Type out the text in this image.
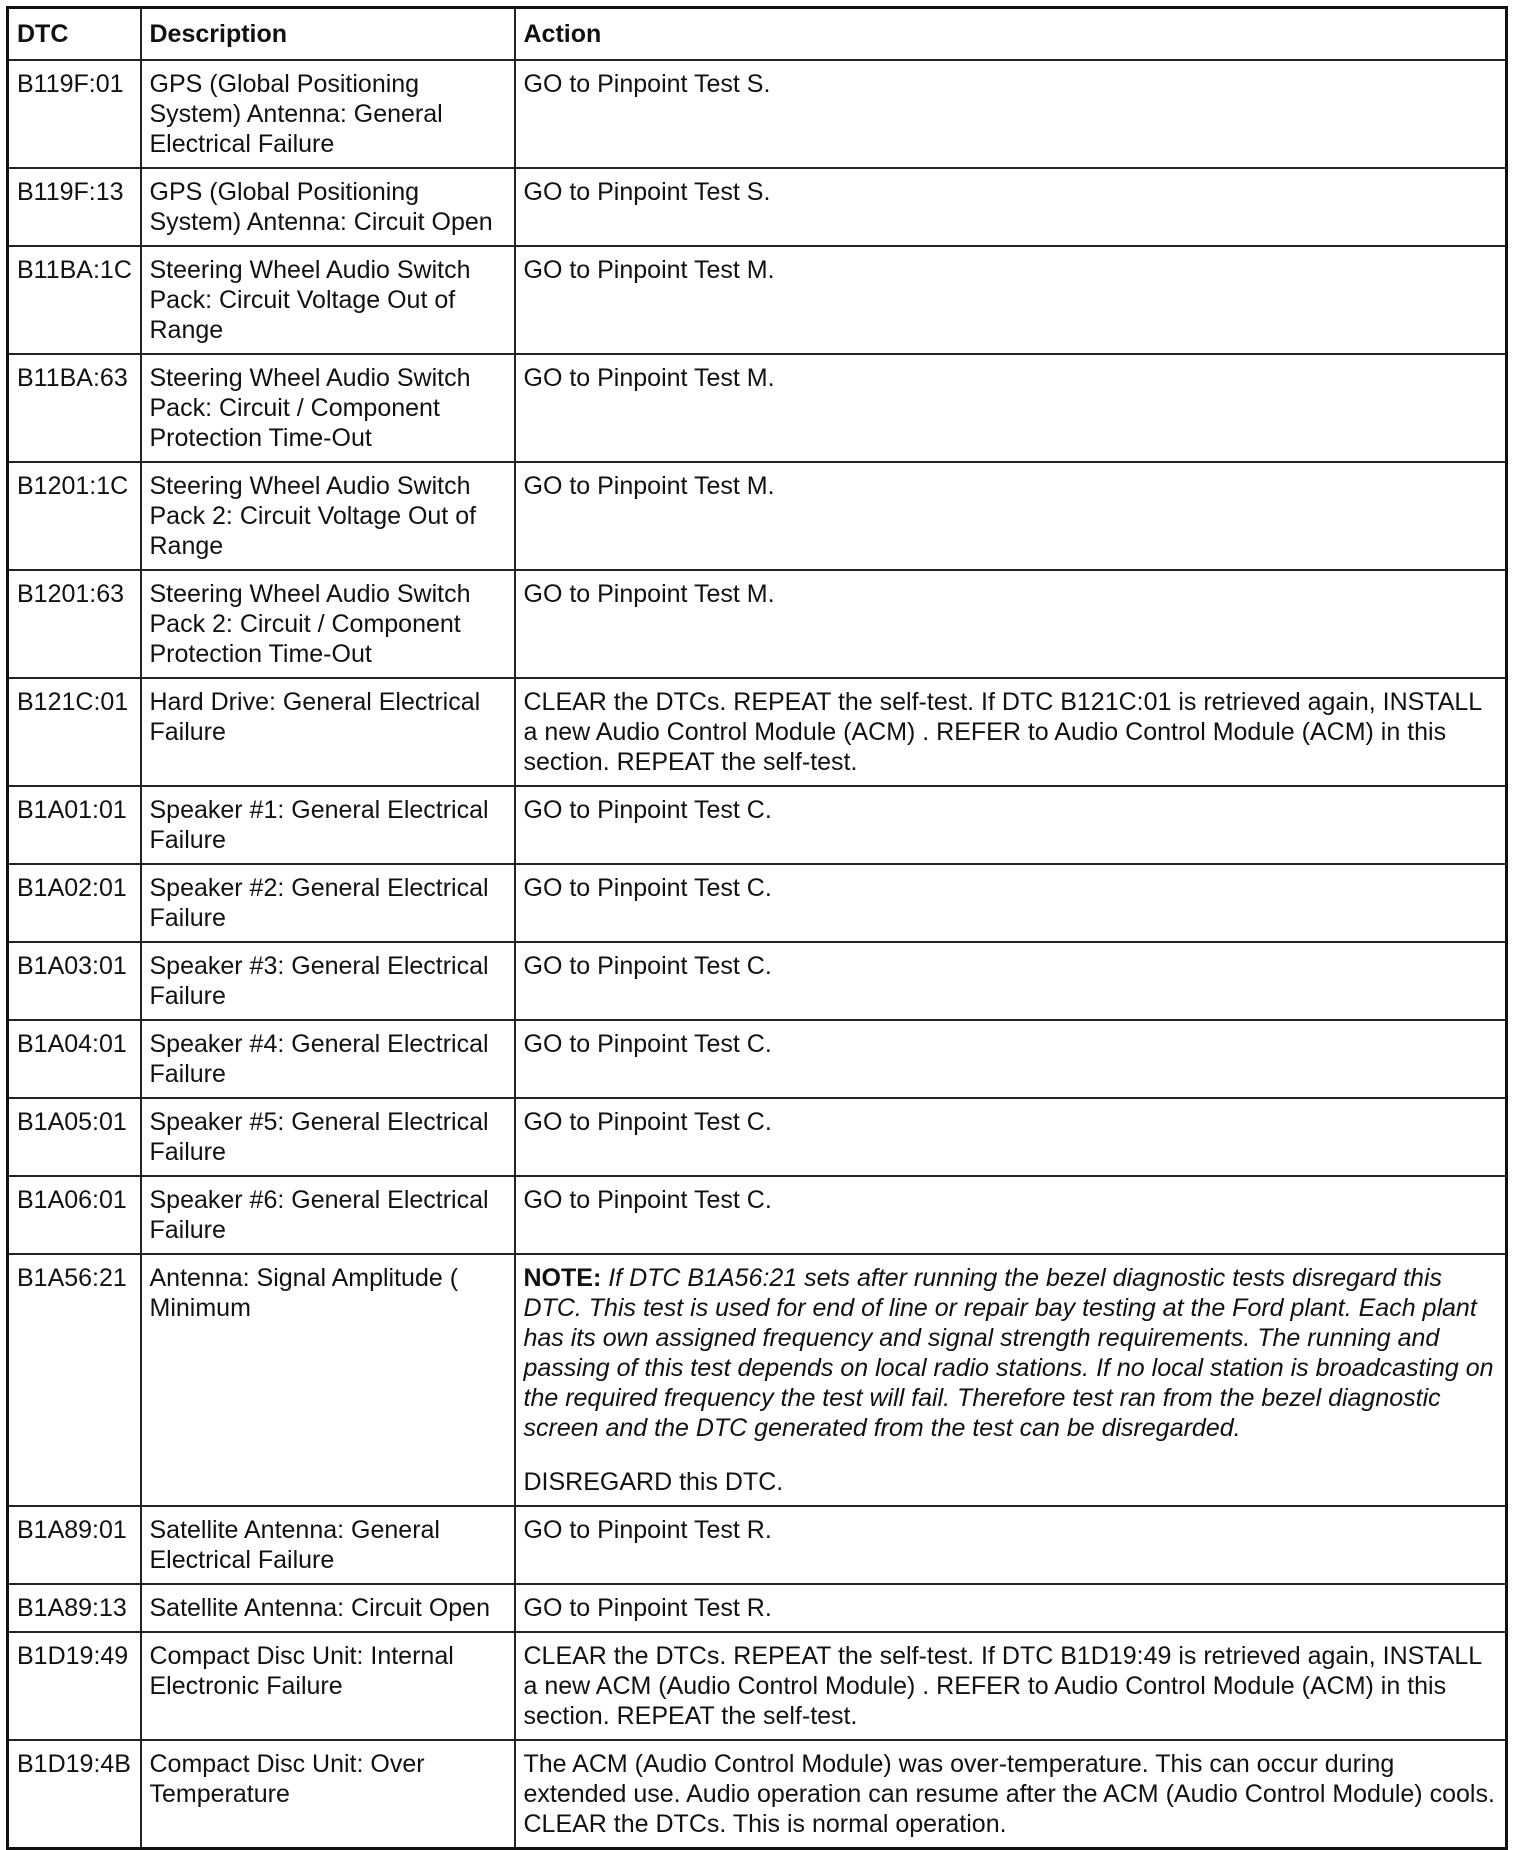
DTC	Description	Action
B119F:01	GPS (Global Positioning System) Antenna: General Electrical Failure	GO to Pinpoint Test S.
B119F:13	GPS (Global Positioning System) Antenna: Circuit Open	GO to Pinpoint Test S.
B11BA:1C	Steering Wheel Audio Switch Pack: Circuit Voltage Out of Range	GO to Pinpoint Test M.
B11BA:63	Steering Wheel Audio Switch Pack: Circuit / Component Protection Time-Out	GO to Pinpoint Test M.
B1201:1C	Steering Wheel Audio Switch Pack 2: Circuit Voltage Out of Range	GO to Pinpoint Test M.
B1201:63	Steering Wheel Audio Switch Pack 2: Circuit / Component Protection Time-Out	GO to Pinpoint Test M.
B121C:01	Hard Drive: General Electrical Failure	CLEAR the DTCs. REPEAT the self-test. If DTC B121C:01 is retrieved again, INSTALL a new Audio Control Module (ACM) . REFER to Audio Control Module (ACM) in this section. REPEAT the self-test.
B1A01:01	Speaker #1: General Electrical Failure	GO to Pinpoint Test C.
B1A02:01	Speaker #2: General Electrical Failure	GO to Pinpoint Test C.
B1A03:01	Speaker #3: General Electrical Failure	GO to Pinpoint Test C.
B1A04:01	Speaker #4: General Electrical Failure	GO to Pinpoint Test C.
B1A05:01	Speaker #5: General Electrical Failure	GO to Pinpoint Test C.
B1A06:01	Speaker #6: General Electrical Failure	GO to Pinpoint Test C.
B1A56:21	Antenna: Signal Amplitude ( Minimum	NOTE: If DTC B1A56:21 sets after running the bezel diagnostic tests disregard this DTC. This test is used for end of line or repair bay testing at the Ford plant. Each plant has its own assigned frequency and signal strength requirements. The running and passing of this test depends on local radio stations. If no local station is broadcasting on the required frequency the test will fail. Therefore test ran from the bezel diagnostic screen and the DTC generated from the test can be disregarded.
DISREGARD this DTC.

B1A89:01	Satellite Antenna: General Electrical Failure	GO to Pinpoint Test R.
B1A89:13	Satellite Antenna: Circuit Open	GO to Pinpoint Test R.
B1D19:49	Compact Disc Unit: Internal Electronic Failure	CLEAR the DTCs. REPEAT the self-test. If DTC B1D19:49 is retrieved again, INSTALL a new ACM (Audio Control Module) . REFER to Audio Control Module (ACM) in this section. REPEAT the self-test.
B1D19:4B	Compact Disc Unit: Over Temperature	The ACM (Audio Control Module) was over-temperature. This can occur during extended use. Audio operation can resume after the ACM (Audio Control Module) cools. CLEAR the DTCs. This is normal operation.
